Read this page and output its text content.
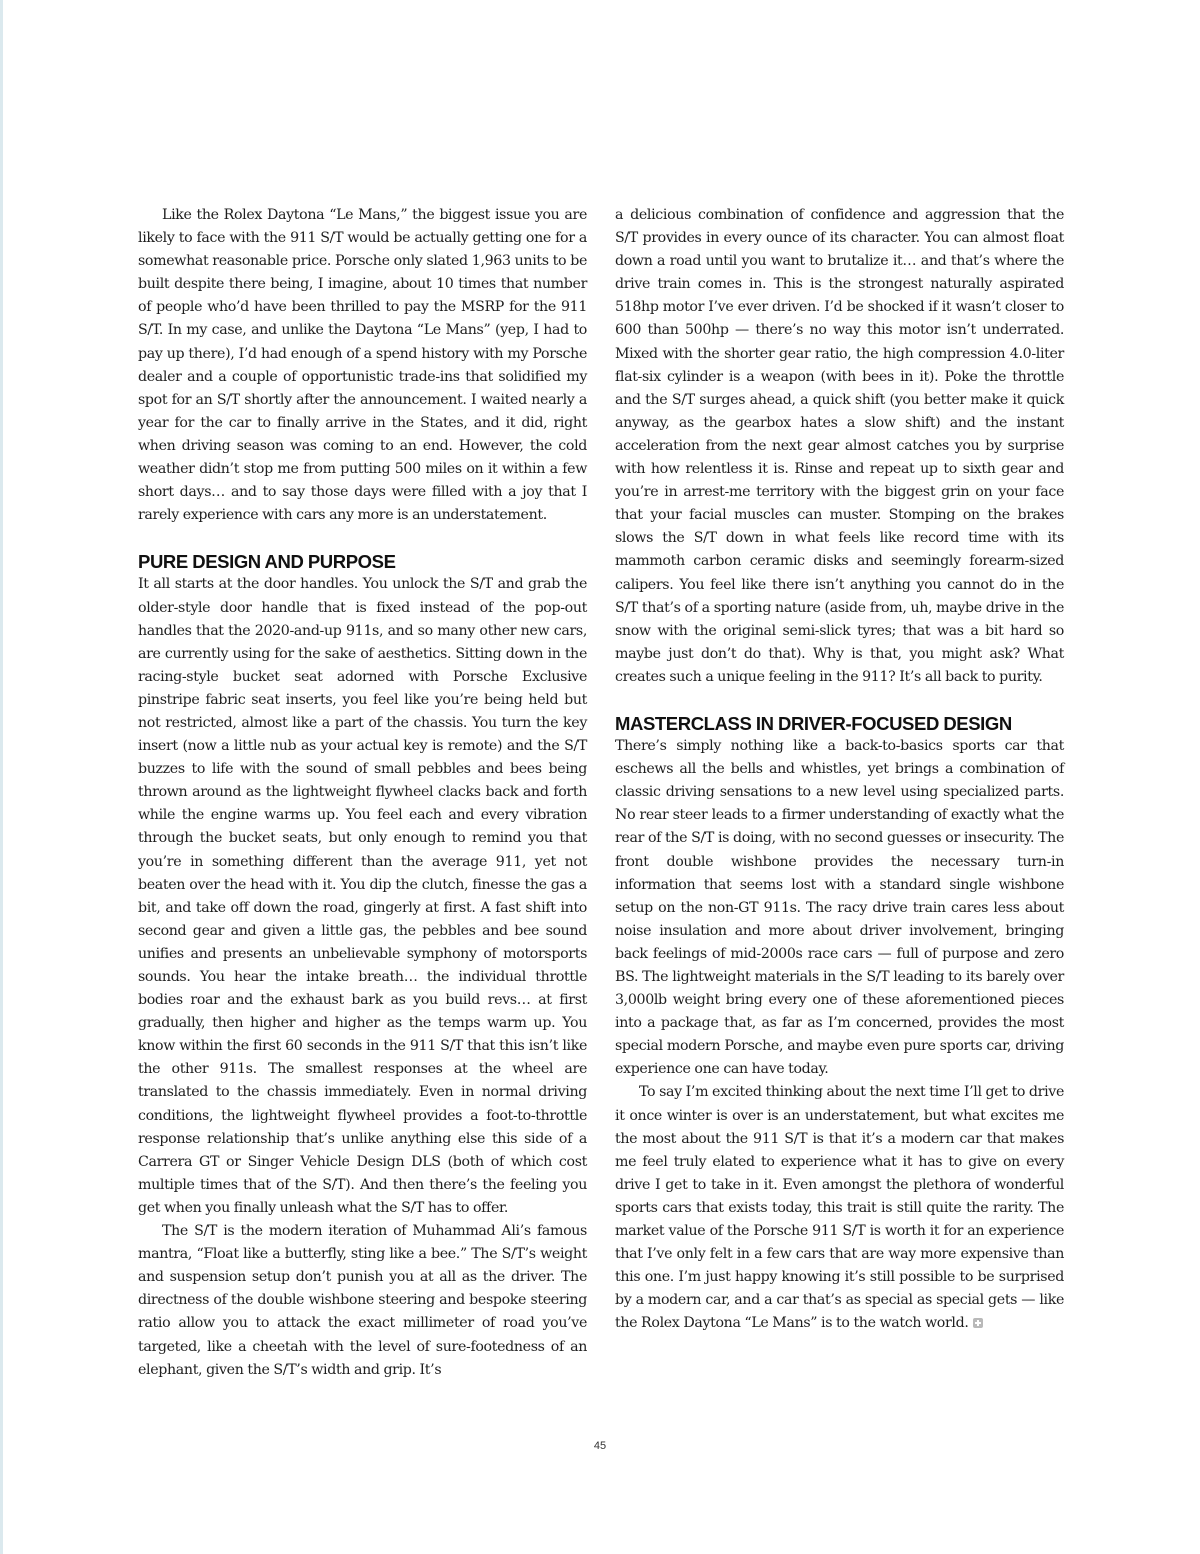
Like the Rolex Daytona “Le Mans,” the biggest issue you are likely to face with the 911 S/T would be actually getting one for a somewhat reasonable price. Porsche only slated 1,963 units to be built despite there being, I imagine, about 10 times that number of people who’d have been thrilled to pay the MSRP for the 911 S/T. In my case, and unlike the Daytona “Le Mans” (yep, I had to pay up there), I’d had enough of a spend history with my Porsche dealer and a couple of opportunistic trade-ins that solidified my spot for an S/T shortly after the announcement. I waited nearly a year for the car to finally arrive in the States, and it did, right when driving season was coming to an end. However, the cold weather didn’t stop me from putting 500 miles on it within a few short days… and to say those days were filled with a joy that I rarely experience with cars any more is an understatement.

PURE DESIGN AND PURPOSE

It all starts at the door handles. You unlock the S/T and grab the older-style door handle that is fixed instead of the pop-out handles that the 2020-and-up 911s, and so many other new cars, are currently using for the sake of aesthetics. Sitting down in the racing-style bucket seat adorned with Porsche Exclusive pinstripe fabric seat inserts, you feel like you’re being held but not restricted, almost like a part of the chassis. You turn the key insert (now a little nub as your actual key is remote) and the S/T buzzes to life with the sound of small pebbles and bees being thrown around as the lightweight flywheel clacks back and forth while the engine warms up. You feel each and every vibration through the bucket seats, but only enough to remind you that you’re in something different than the average 911, yet not beaten over the head with it. You dip the clutch, finesse the gas a bit, and take off down the road, gingerly at first. A fast shift into second gear and given a little gas, the pebbles and bee sound unifies and presents an unbelievable symphony of motorsports sounds. You hear the intake breath… the individual throttle bodies roar and the exhaust bark as you build revs… at first gradually, then higher and higher as the temps warm up. You know within the first 60 seconds in the 911 S/T that this isn’t like the other 911s. The smallest responses at the wheel are translated to the chassis immediately. Even in normal driving conditions, the lightweight flywheel provides a foot-to-throttle response relationship that’s unlike anything else this side of a Carrera GT or Singer Vehicle Design DLS (both of which cost multiple times that of the S/T). And then there’s the feeling you get when you finally unleash what the S/T has to offer.

The S/T is the modern iteration of Muhammad Ali’s famous mantra, “Float like a butterfly, sting like a bee.” The S/T’s weight and suspension setup don’t punish you at all as the driver. The directness of the double wishbone steering and bespoke steering ratio allow you to attack the exact millimeter of road you’ve targeted, like a cheetah with the level of sure-footedness of an elephant, given the S/T’s width and grip. It’s

a delicious combination of confidence and aggression that the S/T provides in every ounce of its character. You can almost float down a road until you want to brutalize it… and that’s where the drive train comes in. This is the strongest naturally aspirated 518hp motor I’ve ever driven. I’d be shocked if it wasn’t closer to 600 than 500hp — there’s no way this motor isn’t underrated. Mixed with the shorter gear ratio, the high compression 4.0-liter flat-six cylinder is a weapon (with bees in it). Poke the throttle and the S/T surges ahead, a quick shift (you better make it quick anyway, as the gearbox hates a slow shift) and the instant acceleration from the next gear almost catches you by surprise with how relentless it is. Rinse and repeat up to sixth gear and you’re in arrest-me territory with the biggest grin on your face that your facial muscles can muster. Stomping on the brakes slows the S/T down in what feels like record time with its mammoth carbon ceramic disks and seemingly forearm-sized calipers. You feel like there isn’t anything you cannot do in the S/T that’s of a sporting nature (aside from, uh, maybe drive in the snow with the original semi-slick tyres; that was a bit hard so maybe just don’t do that). Why is that, you might ask? What creates such a unique feeling in the 911? It’s all back to purity.

MASTERCLASS IN DRIVER-FOCUSED DESIGN

There’s simply nothing like a back-to-basics sports car that eschews all the bells and whistles, yet brings a combination of classic driving sensations to a new level using specialized parts. No rear steer leads to a firmer understanding of exactly what the rear of the S/T is doing, with no second guesses or insecurity. The front double wishbone provides the necessary turn-in information that seems lost with a standard single wishbone setup on the non-GT 911s. The racy drive train cares less about noise insulation and more about driver involvement, bringing back feelings of mid-2000s race cars — full of purpose and zero BS. The lightweight materials in the S/T leading to its barely over 3,000lb weight bring every one of these aforementioned pieces into a package that, as far as I’m concerned, provides the most special modern Porsche, and maybe even pure sports car, driving experience one can have today.

To say I’m excited thinking about the next time I’ll get to drive it once winter is over is an understatement, but what excites me the most about the 911 S/T is that it’s a modern car that makes me feel truly elated to experience what it has to give on every drive I get to take in it. Even amongst the plethora of wonderful sports cars that exists today, this trait is still quite the rarity. The market value of the Porsche 911 S/T is worth it for an experience that I’ve only felt in a few cars that are way more expensive than this one. I’m just happy knowing it’s still possible to be surprised by a modern car, and a car that’s as special as special gets — like the Rolex Daytona “Le Mans” is to the watch world.

45
